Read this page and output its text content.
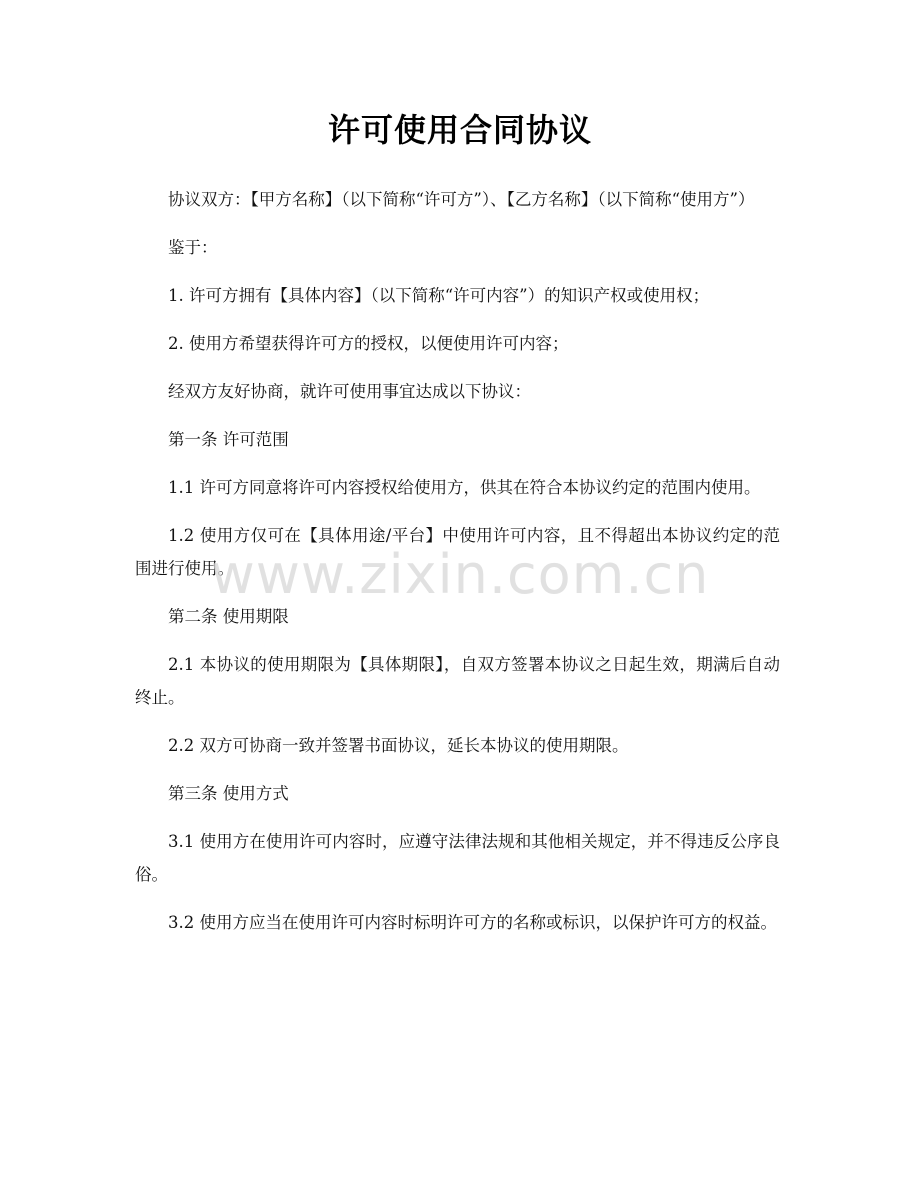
许可使用合同协议

协议双方：【甲方名称】（以下简称“许可方”）、【乙方名称】（以下简称“使用方”）

鉴于：

1. 许可方拥有【具体内容】（以下简称“许可内容”）的知识产权或使用权；

2. 使用方希望获得许可方的授权，以便使用许可内容；

经双方友好协商，就许可使用事宜达成以下协议：

第一条 许可范围

1.1 许可方同意将许可内容授权给使用方，供其在符合本协议约定的范围内使用。

1.2 使用方仅可在【具体用途/平台】中使用许可内容，且不得超出本协议约定的范围进行使用。

第二条 使用期限

2.1 本协议的使用期限为【具体期限】，自双方签署本协议之日起生效，期满后自动终止。

2.2 双方可协商一致并签署书面协议，延长本协议的使用期限。

第三条 使用方式

3.1 使用方在使用许可内容时，应遵守法律法规和其他相关规定，并不得违反公序良俗。

3.2 使用方应当在使用许可内容时标明许可方的名称或标识，以保护许可方的权益。

www.zixin.com.cn
